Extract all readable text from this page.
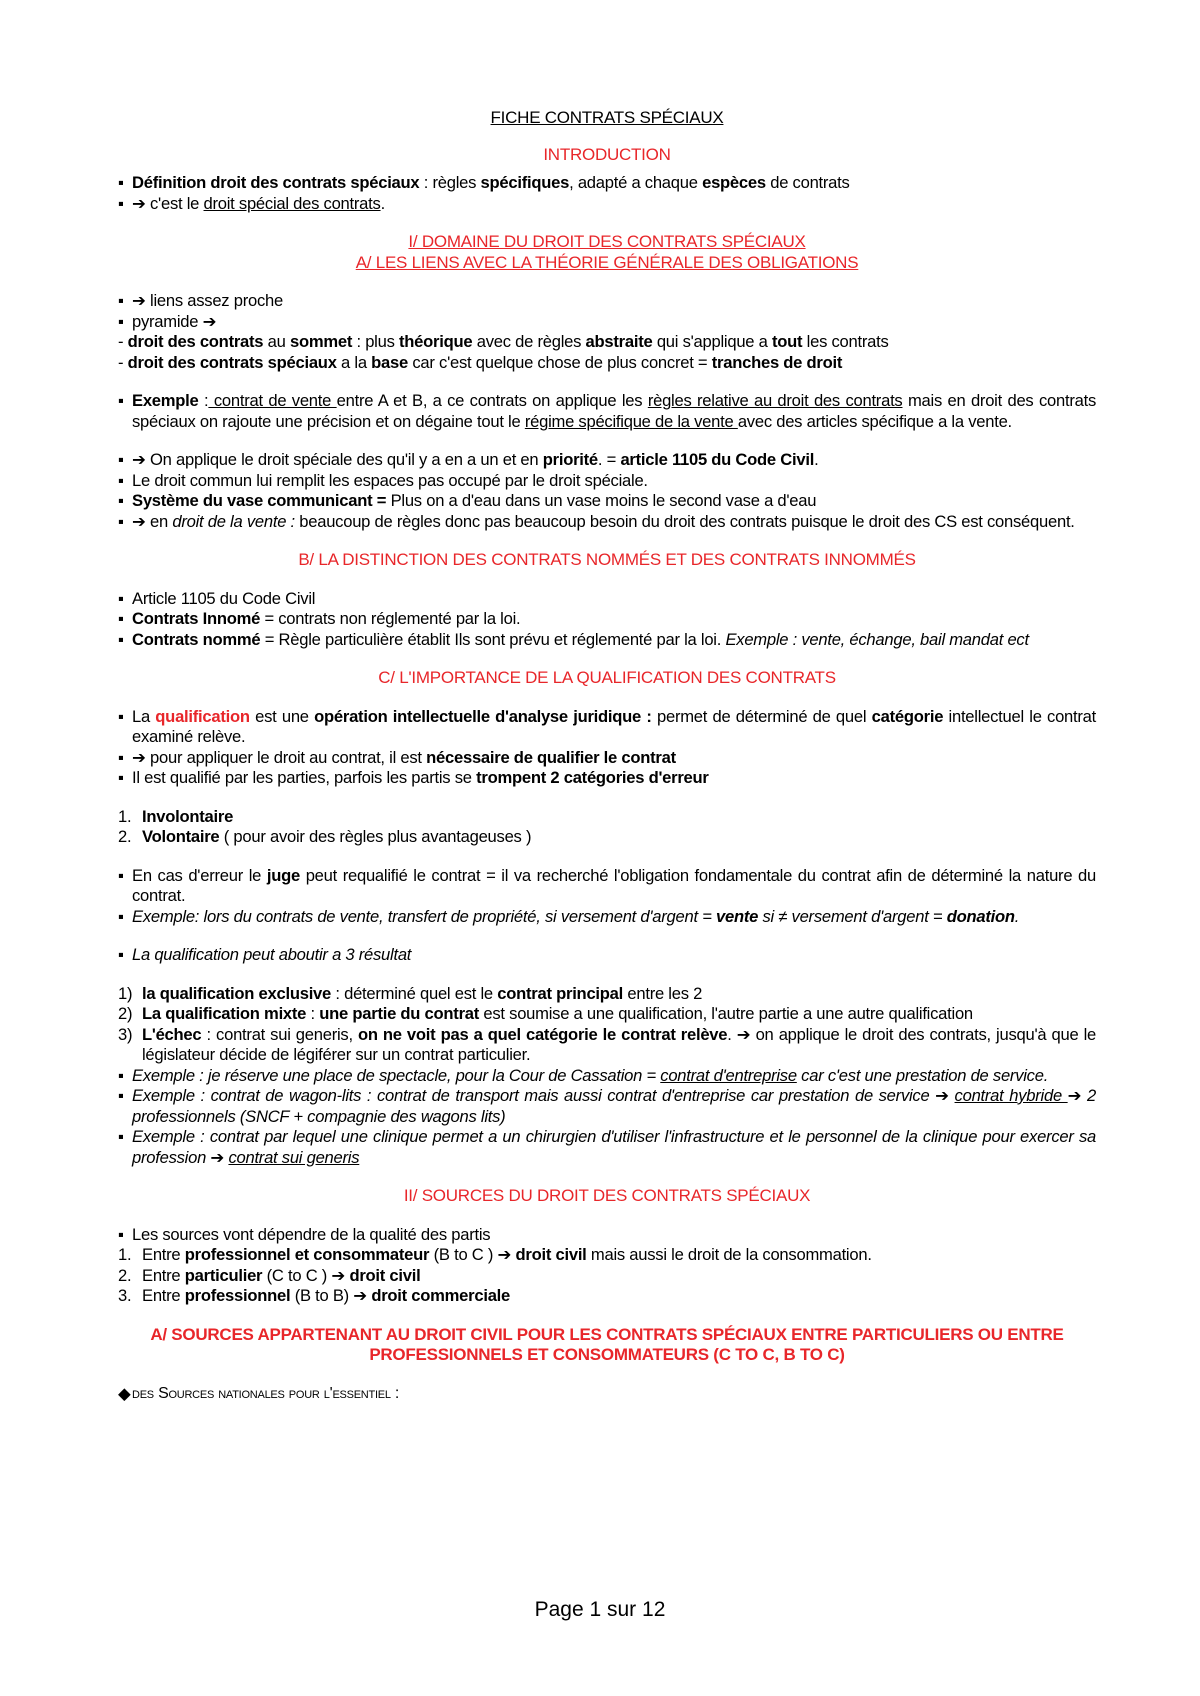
FICHE CONTRATS SPÉCIAUX
INTRODUCTION
▪ Définition droit des contrats spéciaux : règles spécifiques, adapté a chaque espèces de contrats
▪ ➔ c'est le droit spécial des contrats.
I/ DOMAINE DU DROIT DES CONTRATS SPÉCIAUX
A/ LES LIENS AVEC LA THÉORIE GÉNÉRALE DES OBLIGATIONS
▪ ➔ liens assez proche
▪ pyramide ➔
- droit des contrats au sommet : plus théorique avec de règles abstraite qui s'applique a tout les contrats
- droit des contrats spéciaux a la base car c'est quelque chose de plus concret = tranches de droit
▪ Exemple : contrat de vente entre A et B, a ce contrats on applique les règles relative au droit des contrats mais en droit des contrats spéciaux on rajoute une précision et on dégaine tout le régime spécifique de la vente avec des articles spécifique a la vente.
▪ ➔ On applique le droit spéciale des qu'il y a en a un et en priorité. = article 1105 du Code Civil.
▪ Le droit commun lui remplit les espaces pas occupé par le droit spéciale.
▪ Système du vase communicant = Plus on a d'eau dans un vase moins le second vase a d'eau
▪ ➔ en droit de la vente : beaucoup de règles donc pas beaucoup besoin du droit des contrats puisque le droit des CS est conséquent.
B/ LA DISTINCTION DES CONTRATS NOMMÉS ET DES CONTRATS INNOMMÉS
▪ Article 1105 du Code Civil
▪ Contrats Innomé = contrats non réglementé par la loi.
▪ Contrats nommé = Règle particulière établit Ils sont prévu et réglementé par la loi. Exemple : vente, échange, bail mandat ect
C/ L'IMPORTANCE DE LA QUALIFICATION DES CONTRATS
▪ La qualification est une opération intellectuelle d'analyse juridique : permet de déterminé de quel catégorie intellectuel le contrat examiné relève.
▪ ➔ pour appliquer le droit au contrat, il est nécessaire de qualifier le contrat
▪ Il est qualifié par les parties, parfois les partis se trompent 2 catégories d'erreur
1. Involontaire
2. Volontaire ( pour avoir des règles plus avantageuses )
▪ En cas d'erreur le juge peut requalifié le contrat = il va recherché l'obligation fondamentale du contrat afin de déterminé la nature du contrat.
▪ Exemple: lors du contrats de vente, transfert de propriété, si versement d'argent = vente si ≠ versement d'argent = donation.
▪ La qualification peut aboutir a 3 résultat
1) la qualification exclusive : déterminé quel est le contrat principal entre les 2
2) La qualification mixte : une partie du contrat est soumise a une qualification, l'autre partie a une autre qualification
3) L'échec : contrat sui generis, on ne voit pas a quel catégorie le contrat relève. ➔ on applique le droit des contrats, jusqu'à que le législateur décide de légiférer sur un contrat particulier.
▪ Exemple : je réserve une place de spectacle, pour la Cour de Cassation = contrat d'entreprise car c'est une prestation de service.
▪ Exemple : contrat de wagon-lits : contrat de transport mais aussi contrat d'entreprise car prestation de service ➔ contrat hybride ➔ 2 professionnels (SNCF + compagnie des wagons lits)
▪ Exemple : contrat par lequel une clinique permet a un chirurgien d'utiliser l'infrastructure et le personnel de la clinique pour exercer sa profession ➔ contrat sui generis
II/ SOURCES DU DROIT DES CONTRATS SPÉCIAUX
▪ Les sources vont dépendre de la qualité des partis
1. Entre professionnel et consommateur (B to C ) ➔ droit civil mais aussi le droit de la consommation.
2. Entre particulier (C to C ) ➔ droit civil
3. Entre professionnel (B to B) ➔ droit commerciale
A/ SOURCES APPARTENANT AU DROIT CIVIL POUR LES CONTRATS SPÉCIAUX ENTRE PARTICULIERS OU ENTRE PROFESSIONNELS ET CONSOMMATEURS (C TO C, B TO C)
◆ des Sources nationales pour l'essentiel :
Page 1 sur 12
